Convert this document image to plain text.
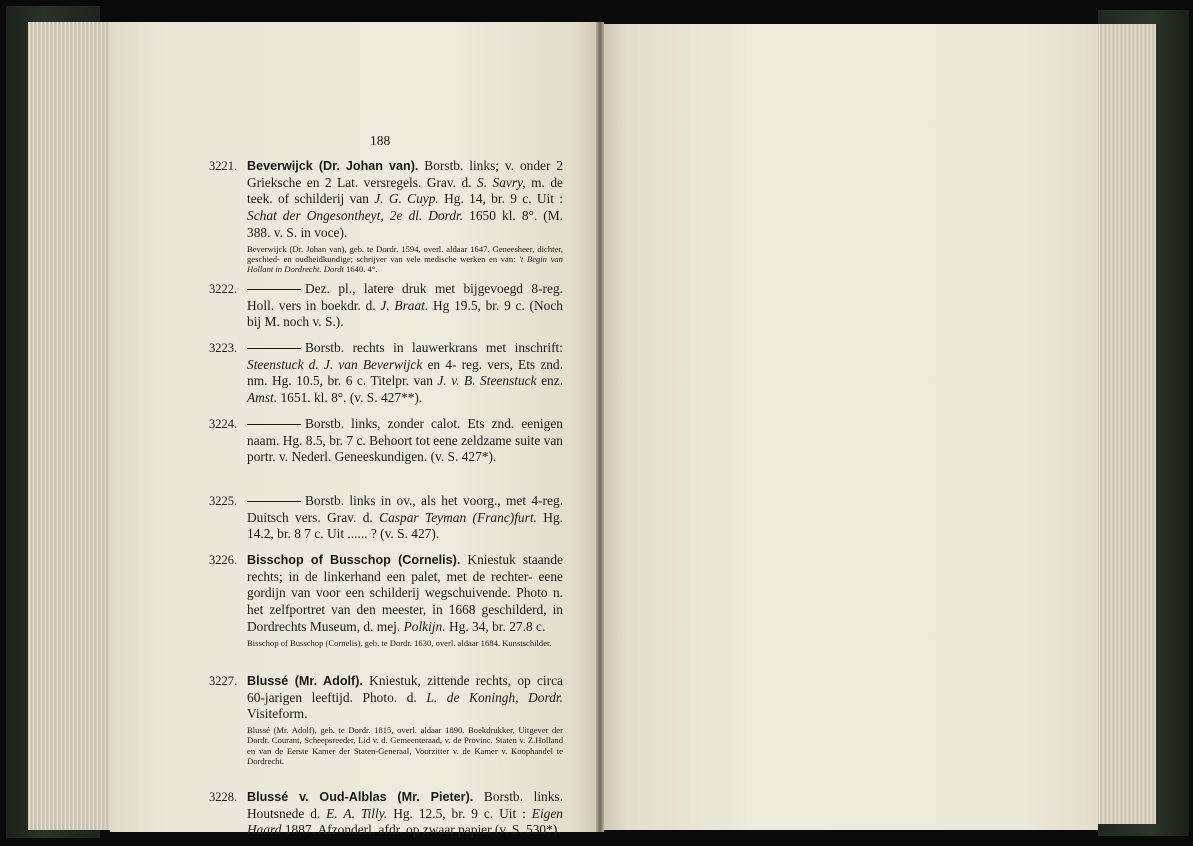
188
3221. Beverwijck (Dr. Johan van). Borstb. links; v. onder 2 Grieksche en 2 Lat. versregels. Grav. d. S. Savry, m. de teek. of schilderij van J. G. Cuyp. Hg. 14, br. 9 c. Uit : Schat der Ongesontheyt, 2e dl. Dordr. 1650 kl. 8°. (M. 388. v. S. in voce).
Beverwijck (Dr. Johan van), geb. te Dordr. 1594, overl. aldaar 1647. Geneesheer, dichter, geschied- en oudheidkundige; schrijver van vele medische werken en van: 't Begin van Hollant in Dordrecht. Dordt 1640. 4°.
3222.	Dez. pl., latere druk met bijgevoegd 8-reg. Holl. vers in boekdr. d. J. Braat. Hg 19.5, br. 9 c. (Noch bij M. noch v. S.).
3223.	Borstb. rechts in lauwerkrans met inschrift: Steenstuck d. J. van Beverwijck en 4- reg. vers, Ets znd. nm. Hg. 10.5, br. 6 c. Titelpr. van J. v. B. Steenstuck enz. Amst. 1651. kl. 8°. (v. S. 427**).
3224.	Borstb. links, zonder calot. Ets znd. eenigen naam. Hg. 8.5, br. 7 c. Behoort tot eene zeldzame suite van portr. v. Nederl. Geneeskundigen. (v. S. 427*).
3225.	Borstb. links in ov., als het voorg., met 4-reg. Duitsch vers. Grav. d. Caspar Teyman (Franc)furt. Hg. 14.2, br. 8 7 c. Uit ...... ? (v. S. 427).
3226. Bisschop of Busschop (Cornelis). Kniestuk staande rechts; in de linkerhand een palet, met de rechter- eene gordijn van voor een schilderij wegschuivende. Photo n. het zelfportret van den meester, in 1668 geschilderd, in Dordrechts Museum, d. mej. Polkijn. Hg. 34, br. 27.8 c.
Bisschop of Busschop (Cornelis), geb. te Dordr. 1630, overl. aldaar 1684. Kunstschilder.
3227. Blussé (Mr. Adolf). Kniestuk, zittende rechts, op circa 60-jarigen leeftijd. Photo. d. L. de Koningh, Dordr. Visiteform.
Blussé (Mr. Adolf), geb. te Dordr. 1815, overl. aldaar 1890. Boekdrukker, Uitgever der Dordr. Courant, Scheepsreeder, Lid v. d. Gemeenteraad, v. de Provinc. Staten v. Z.Holland en van de Eerste Kamer der Staten-Generaal, Voorzitter v. de Kamer v. Koophandel te Dordrecht.
3228. Blussé v. Oud-Alblas (Mr. Pieter). Borstb. links. Houtsnede d. E. A. Tilly. Hg. 12.5, br. 9 c. Uit : Eigen Haard 1887. Afzonderl. afdr. op zwaar papier (v. S. 530*).
